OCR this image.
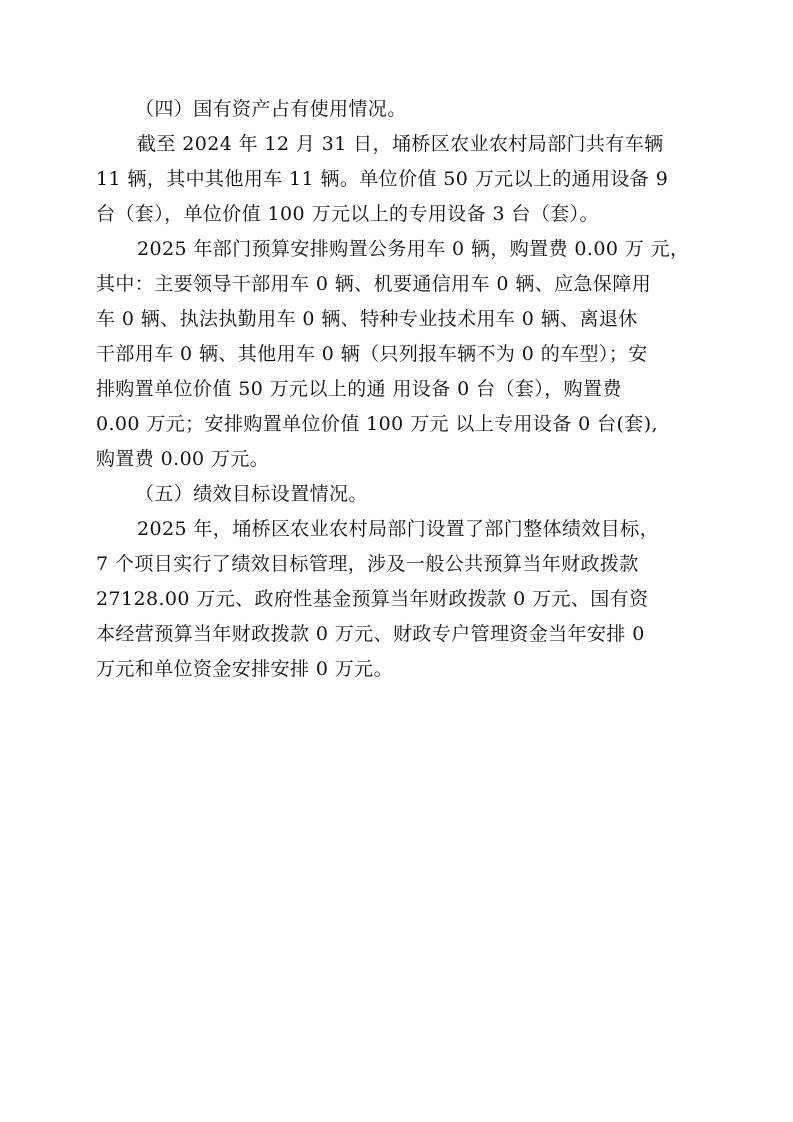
（四）国有资产占有使用情况。
截至 2024 年 12 月 31 日，埇桥区农业农村局部门共有车辆
11 辆，其中其他用车 11 辆。单位价值 50 万元以上的通用设备 9
台（套），单位价值 100 万元以上的专用设备 3 台（套）。
2025 年部门预算安排购置公务用车 0 辆，购置费 0.00 万 元，
其中：主要领导干部用车 0 辆、机要通信用车 0 辆、应急保障用
车 0 辆、执法执勤用车 0 辆、特种专业技术用车 0 辆、离退休
干部用车 0 辆、其他用车 0 辆（只列报车辆不为 0 的车型）；安
排购置单位价值 50 万元以上的通 用设备 0 台（套），购置费
0.00 万元；安排购置单位价值 100 万元 以上专用设备 0 台(套),
购置费 0.00 万元。
（五）绩效目标设置情况。
2025 年，埇桥区农业农村局部门设置了部门整体绩效目标，
7 个项目实行了绩效目标管理，涉及一般公共预算当年财政拨款
27128.00 万元、政府性基金预算当年财政拨款 0 万元、国有资
本经营预算当年财政拨款 0 万元、财政专户管理资金当年安排 0
万元和单位资金安排安排 0 万元。
